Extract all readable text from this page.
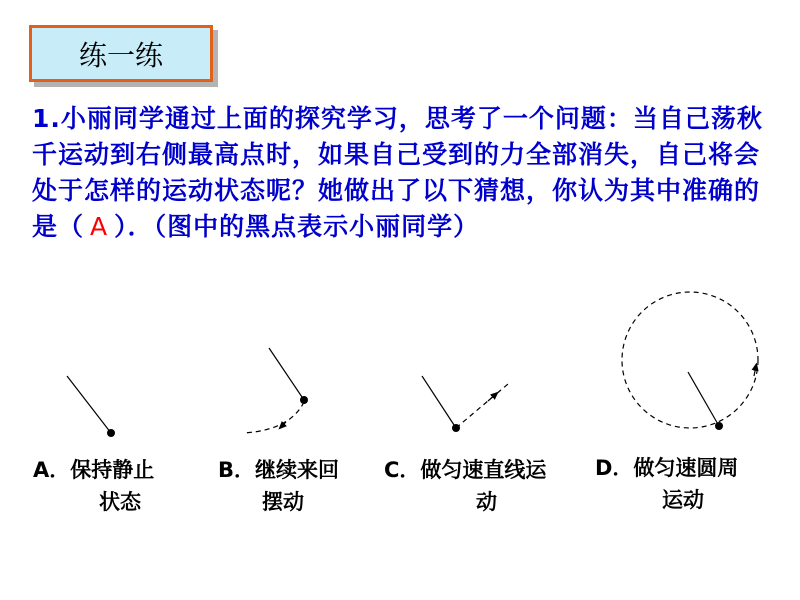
练一练
1.小丽同学通过上面的探究学习，思考了一个问题：当自己荡秋千运动到右侧最高点时，如果自己受到的力全部消失，自己将会处于怎样的运动状态呢？她做出了以下猜想，你认为其中准确的是（ A ）．（图中的黑点表示小丽同学）
A．保持静止
状态
B．继续来回
摆动
C．做匀速直线运
动
D．做匀速圆周
运动
